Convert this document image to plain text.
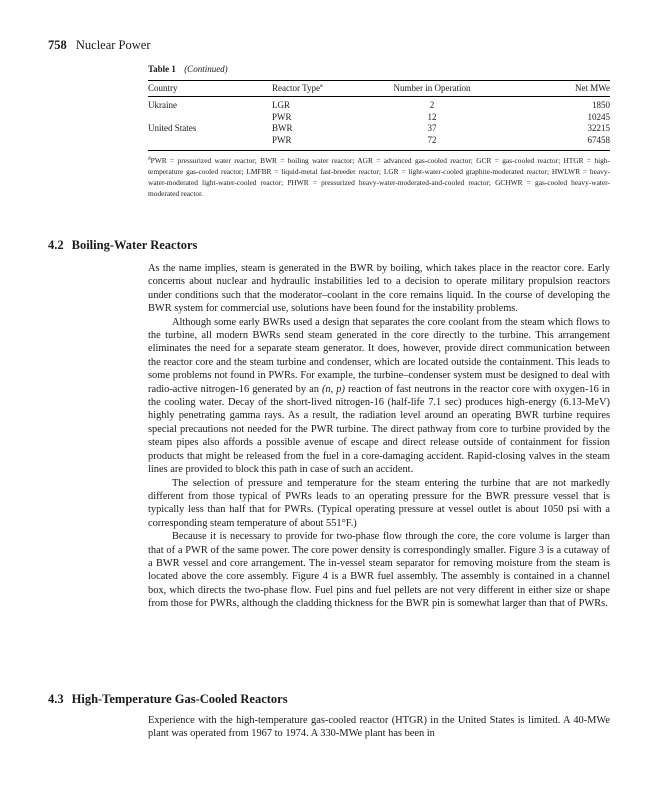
758 Nuclear Power
Table 1 (Continued)
Country	Reactor Type$^a$	Number in Operation	Net MWe
Ukraine	LGR	2	1850
	PWR	12	10245
United States	BWR	37	32215
	PWR	72	67458
$^a$PWR = pressurized water reactor; BWR = boiling water reactor; AGR = advanced gas-cooled reactor; GCR = gas-cooled reactor; HTGR = high-temperature gas-cooled reactor; LMFBR = liquid-metal fast-breeder reactor; LGR = light-water-cooled graphite-moderated reactor; HWLWR = heavy-water-moderated light-water-cooled reactor; PHWR = pressurized heavy-water-moderated-and-cooled reactor; GCHWR = gas-cooled heavy-water-moderated reactor.
4.2 Boiling-Water Reactors

As the name implies, steam is generated in the BWR by boiling, which takes place in the reactor core. Early concerns about nuclear and hydraulic instabilities led to a decision to operate military propulsion reactors under conditions such that the moderator–coolant in the core remains liquid. In the course of developing the BWR system for commercial use, solutions have been found for the instability problems.

Although some early BWRs used a design that separates the core coolant from the steam which flows to the turbine, all modern BWRs send steam generated in the core directly to the turbine. This arrangement eliminates the need for a separate steam generator. It does, however, provide direct communication between the reactor core and the steam turbine and condenser, which are located outside the containment. This leads to some problems not found in PWRs. For example, the turbine–condenser system must be designed to deal with radio-active nitrogen-16 generated by an (n, p) reaction of fast neutrons in the reactor core with oxygen-16 in the cooling water. Decay of the short-lived nitrogen-16 (half-life 7.1 sec) produces high-energy (6.13-MeV) highly penetrating gamma rays. As a result, the radiation level around an operating BWR turbine requires special precautions not needed for the PWR turbine. The direct pathway from core to turbine provided by the steam pipes also affords a possible avenue of escape and direct release outside of containment for fission products that might be released from the fuel in a core-damaging accident. Rapid-closing valves in the steam lines are provided to block this path in case of such an accident.

The selection of pressure and temperature for the steam entering the turbine that are not markedly different from those typical of PWRs leads to an operating pressure for the BWR pressure vessel that is typically less than half that for PWRs. (Typical operating pressure at vessel outlet is about 1050 psi with a corresponding steam temperature of about 551°F.)

Because it is necessary to provide for two-phase flow through the core, the core volume is larger than that of a PWR of the same power. The core power density is correspondingly smaller. Figure 3 is a cutaway of a BWR vessel and core arrangement. The in-vessel steam separator for removing moisture from the steam is located above the core assembly. Figure 4 is a BWR fuel assembly. The assembly is contained in a channel box, which directs the two-phase flow. Fuel pins and fuel pellets are not very different in either size or shape from those for PWRs, although the cladding thickness for the BWR pin is somewhat larger than that of PWRs.

4.3 High-Temperature Gas-Cooled Reactors

Experience with the high-temperature gas-cooled reactor (HTGR) in the United States is limited. A 40-MWe plant was operated from 1967 to 1974. A 330-MWe plant has been in
